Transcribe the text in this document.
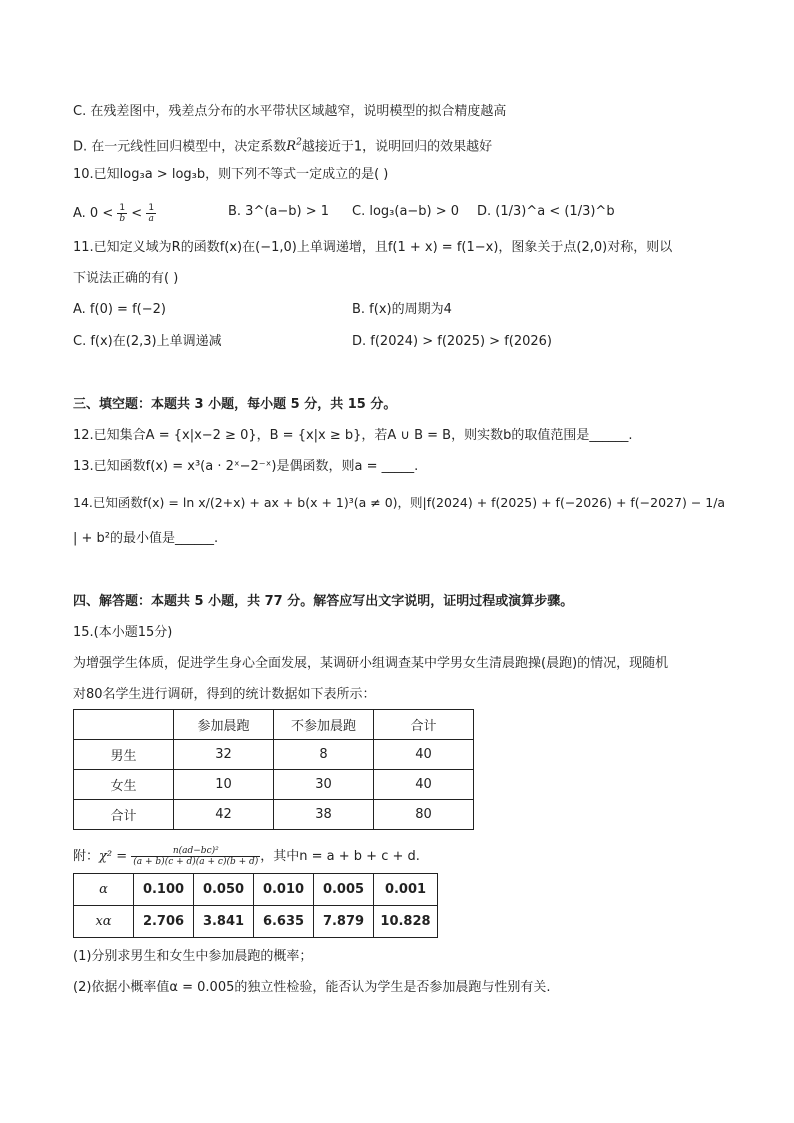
C. 在残差图中，残差点分布的水平带状区域越窄，说明模型的拟合精度越高
D. 在一元线性回归模型中，决定系数$R^2$越接近于1，说明回归的效果越好
10.已知log₃a > log₃b，则下列不等式一定成立的是( )
A. $0 < \frac{1}{b} < \frac{1}{a}$	B. 3^(a−b) > 1 C. log₃(a−b) > 0 D. (1/3)^a < (1/3)^b
11.已知定义域为R的函数f(x)在(−1,0)上单调递增，且f(1 + x) = f(1−x)，图象关于点(2,0)对称，则以
下说法正确的有( )
A. f(0) = f(−2)	B. f(x)的周期为4
C. f(x)在(2,3)上单调递减	D. f(2024) > f(2025) > f(2026)
三、填空题：本题共 3 小题，每小题 5 分，共 15 分。
12.已知集合A = {x|x−2 ≥ 0}，B = {x|x ≥ b}，若A ∪ B = B，则实数b的取值范围是______.
13.已知函数f(x) = x³(a · 2ˣ−2⁻ˣ)是偶函数，则a = _____.
14.已知函数f(x) = ln x/(2+x) + ax + b(x + 1)³(a ≠ 0)，则|f(2024) + f(2025) + f(−2026) + f(−2027) − 1/a
| + b²的最小值是______.
四、解答题：本题共 5 小题，共 77 分。解答应写出文字说明，证明过程或演算步骤。
15.(本小题15分)
为增强学生体质，促进学生身心全面发展，某调研小组调查某中学男女生清晨跑操(晨跑)的情况，现随机
对80名学生进行调研，得到的统计数据如下表所示：
	参加晨跑	不参加晨跑	合计
男生	32	8	40
女生	10	30	40
合计	42	38	80
附：$\chi^2 = \frac{\text{n(ad−bc)²}}{(a + b)(c + d)(a + c)(b + d)}$ ，其中n = a + b + c + d.
α	0.100	0.050	0.010	0.005	0.001
xα	2.706	3.841	6.635	7.879	10.828
(1)分别求男生和女生中参加晨跑的概率；
(2)依据小概率值α = 0.005的独立性检验，能否认为学生是否参加晨跑与性别有关.
